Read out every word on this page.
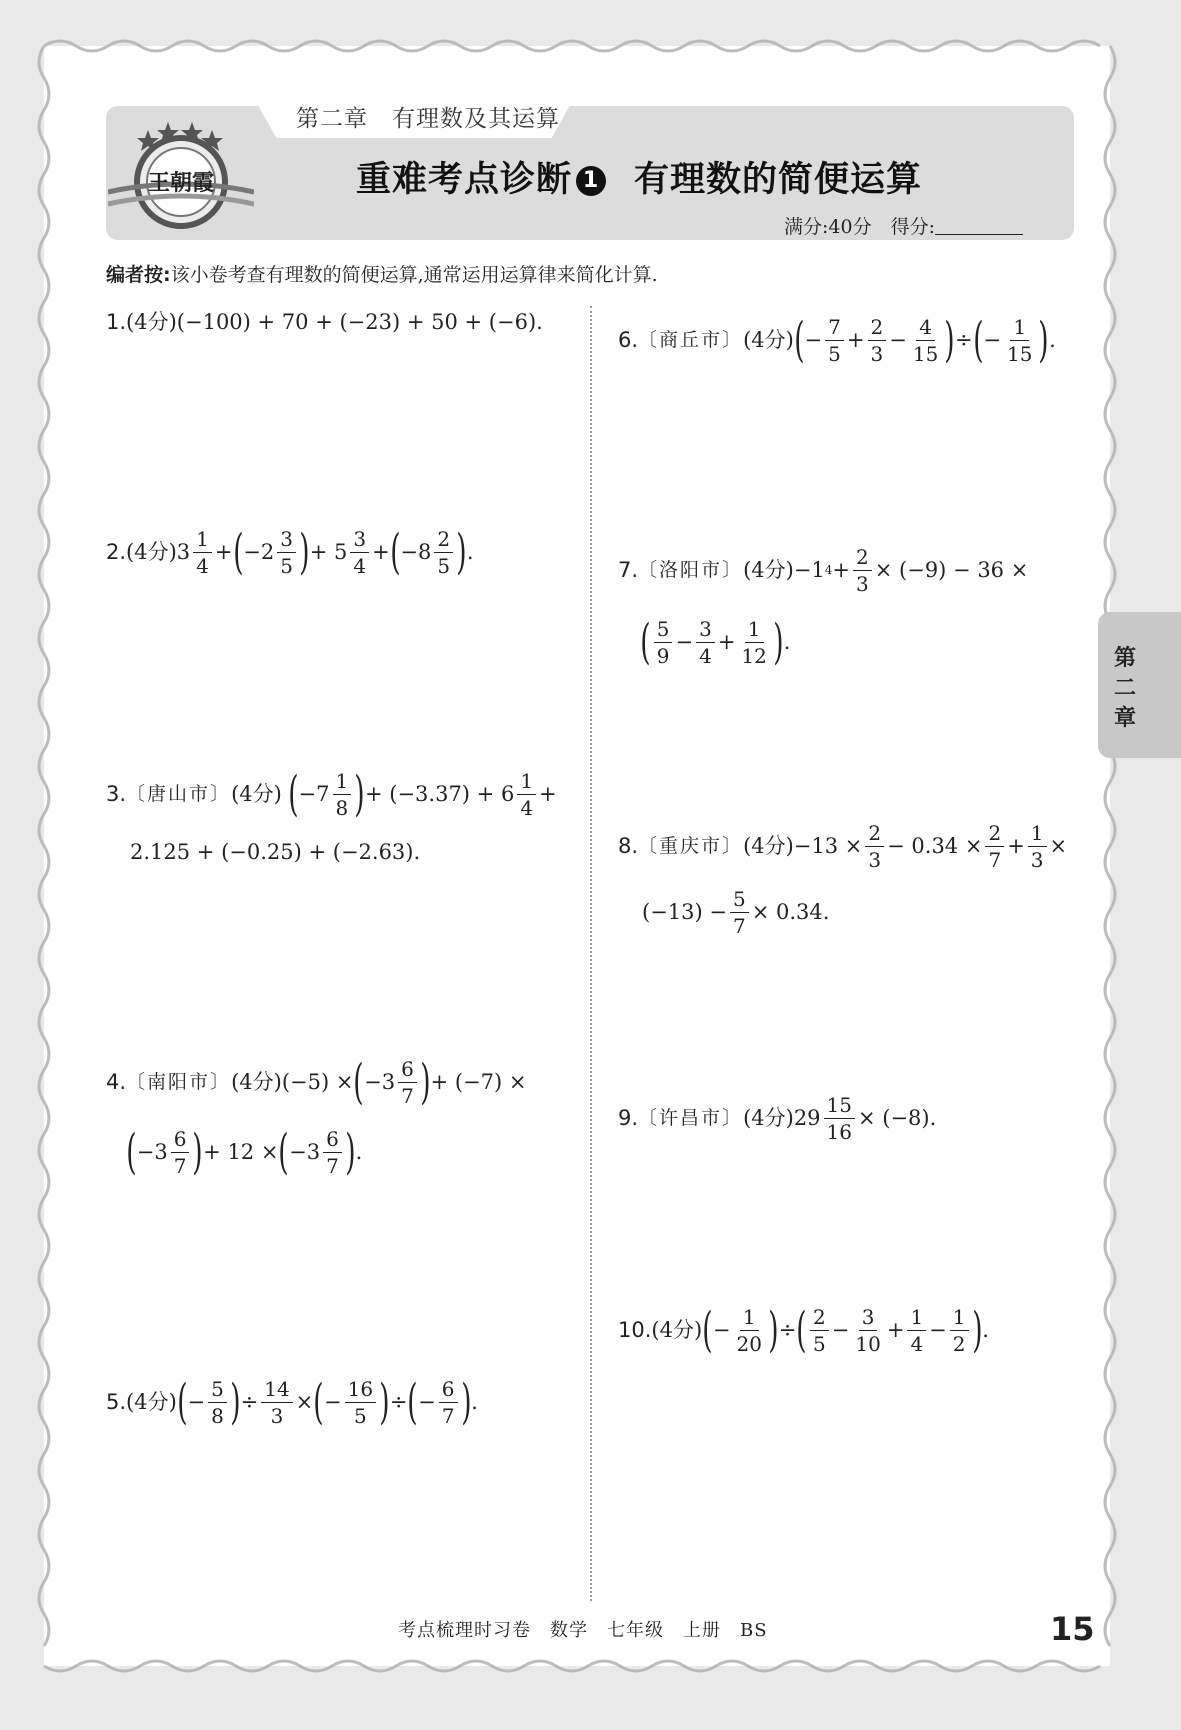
第二章　有理数及其运算
王朝霞	重难考点诊断 1 有理数的简便运算
满分:40分　得分:
编者按:该小卷考查有理数的简便运算,通常运用运算律来简化计算.
第二章
1.(4分)(−100) + 70 + (−23) + 50 + (−6).
2. (4分) $3 \frac{1}{4}$ + ( $-2 \frac{3}{5}$ ) + $5 \frac{3}{4}$ + ( $-8 \frac{2}{5}$ ) .
3. 〔唐山市〕 (4分) ( $-7 \frac{1}{8}$ ) + $(-3.37) + 6 \frac{1}{4}$ +
2.125 + (−0.25) + (−2.63).
4. 〔南阳市〕 (4分) (−5) × ( $-3 \frac{6}{7}$ ) + (−7) ×
( $-3 \frac{6}{7}$ ) + 12 × ( $-3 \frac{6}{7}$ ) .
5. (4分) ( − $\frac{5}{8}$ ) ÷ $\frac{14}{3}$ × ( − $\frac{16}{5}$ ) ÷ ( − $\frac{6}{7}$ ) .
6. 〔商丘市〕 (4分) ( − $\frac{7}{5} + \frac{2}{3} - \frac{4}{15}$ ) ÷ ( − $\frac{1}{15}$ ) .
7. 〔洛阳市〕 (4分) −1 $4 + \frac{2}{3} \times (-9) - 36$ ×
( $\frac{5}{9} - \frac{3}{4} + \frac{1}{12}$ ) .
8. 〔重庆市〕 (4分) $-13 \times \frac{2}{3} - 0.34 \times \frac{2}{7} + \frac{1}{3}$ ×
$(-13) - \frac{5}{7} \times 0.34$.
9. 〔许昌市〕 (4分) $29 \frac{15}{16} \times (-8)$.
10. (4分) ( − $\frac{1}{20}$ ) ÷ ( $\frac{2}{5} - \frac{3}{10} + \frac{1}{4} - \frac{1}{2}$ ) .
考点梳理时习卷　数学　七年级　上册　BS	15
